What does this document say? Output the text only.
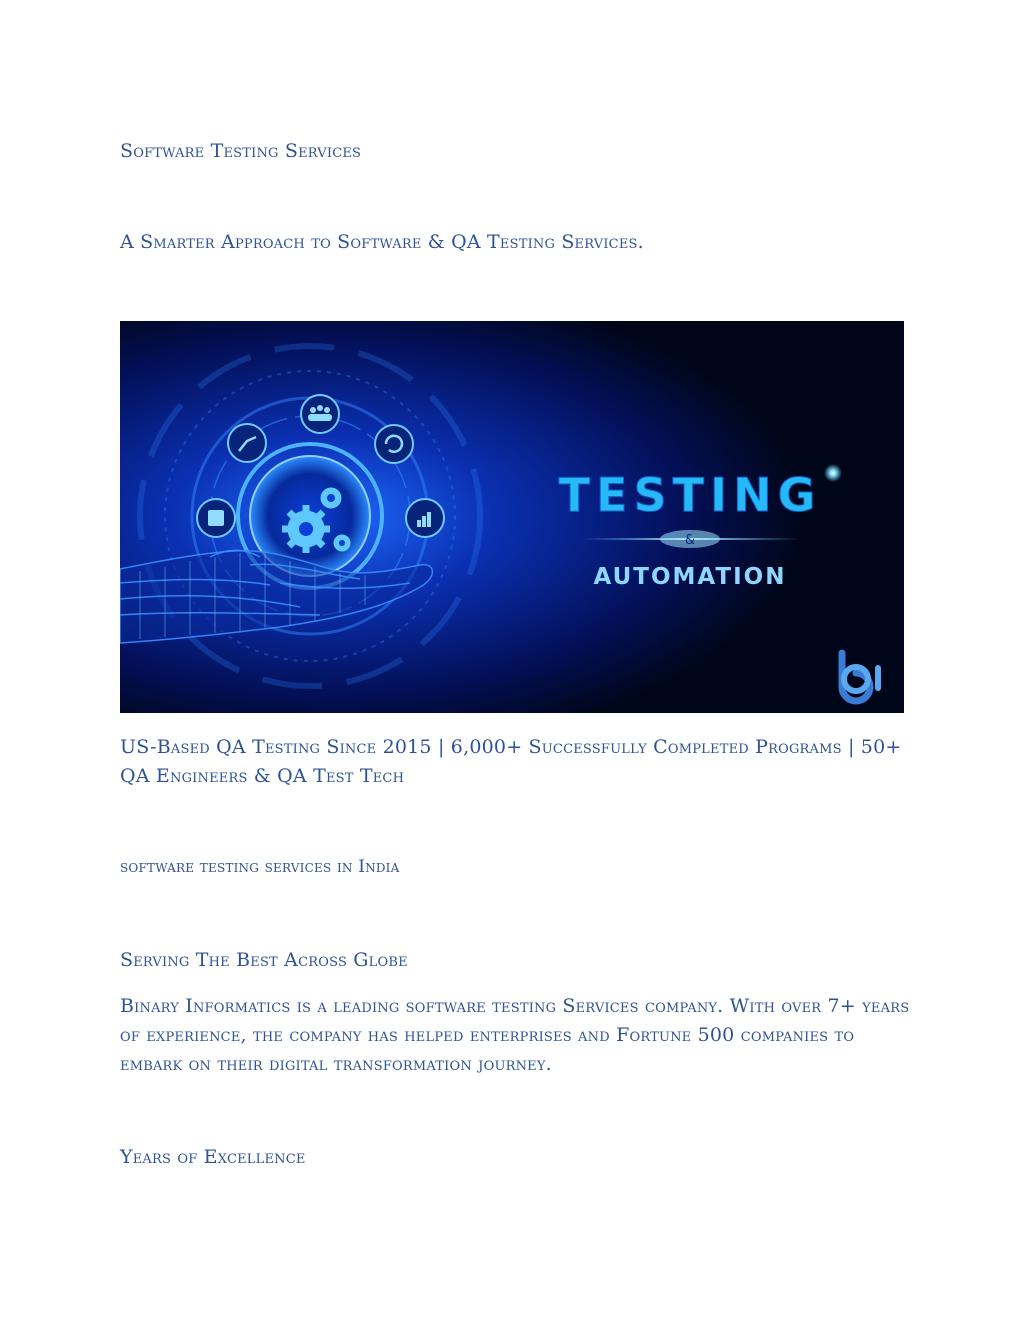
Software Testing Services
A Smarter Approach to Software & QA Testing Services.
TESTING
&
AUTOMATION

US-Based QA Testing Since 2015 | 6,000+ Successfully Completed Programs | 50+ QA Engineers & QA Test Tech

software testing services in India
Serving The Best Across Globe

Binary Informatics is a leading software testing Services company. With over 7+ years of experience, the company has helped enterprises and Fortune 500 companies to embark on their digital transformation journey.

Years of Excellence
